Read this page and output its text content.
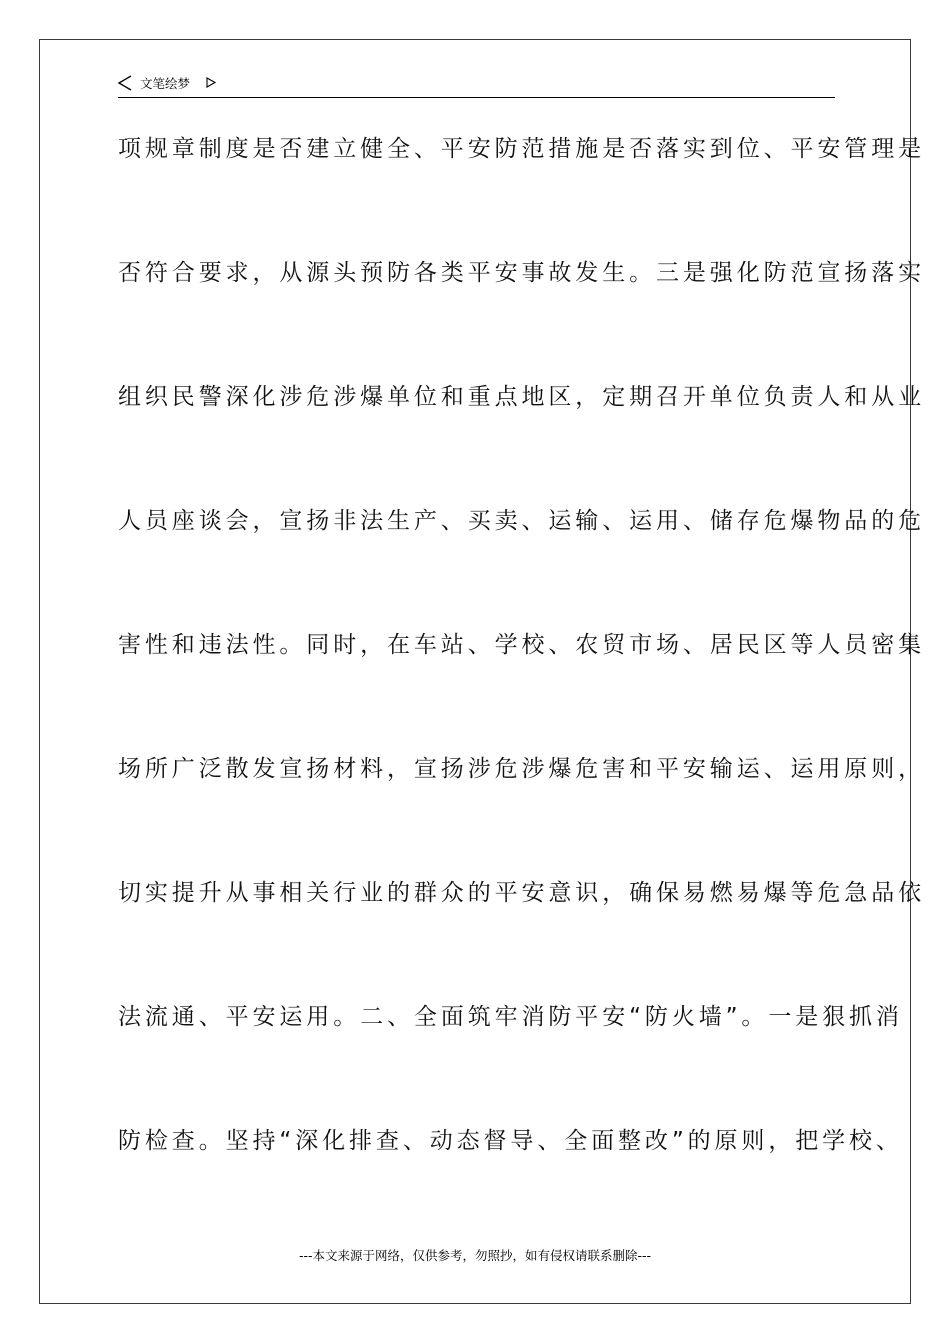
文笔绘梦
项规章制度是否建立健全、平安防范措施是否落实到位、平安管理是
否符合要求，从源头预防各类平安事故发生。三是强化防范宣扬落实
组织民警深化涉危涉爆单位和重点地区，定期召开单位负责人和从业
人员座谈会，宣扬非法生产、买卖、运输、运用、储存危爆物品的危
害性和违法性。同时，在车站、学校、农贸市场、居民区等人员密集
场所广泛散发宣扬材料，宣扬涉危涉爆危害和平安输运、运用原则，
切实提升从事相关行业的群众的平安意识，确保易燃易爆等危急品依
法流通、平安运用。二、全面筑牢消防平安“防火墙”。一是狠抓消
防检查。坚持“深化排查、动态督导、全面整改”的原则，把学校、
---本文来源于网络，仅供参考，勿照抄，如有侵权请联系删除---
